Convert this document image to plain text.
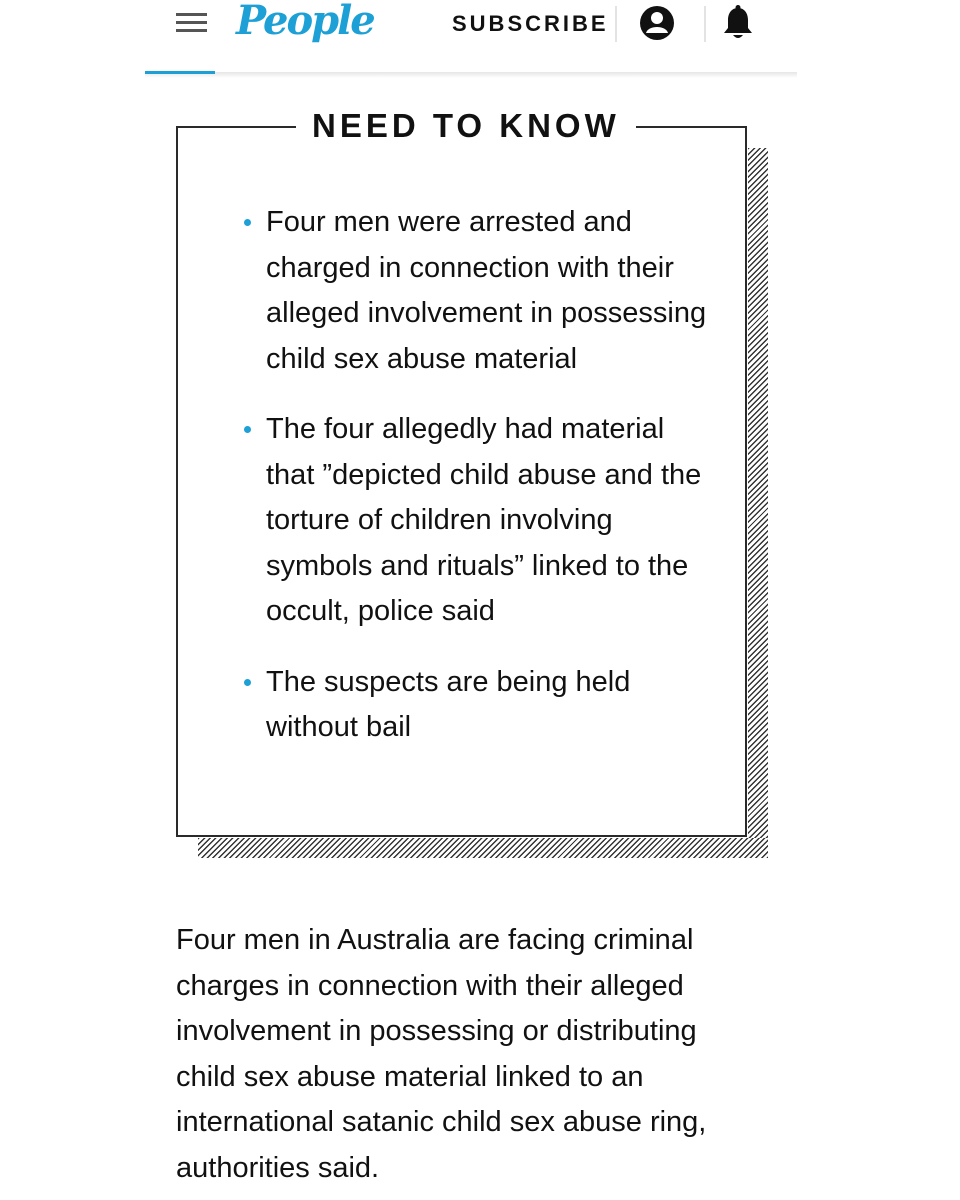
People	SUBSCRIBE
NEED TO KNOW
Four men were arrested and charged in connection with their alleged involvement in possessing child sex abuse material
The four allegedly had material that ”depicted child abuse and the torture of children involving symbols and rituals” linked to the occult, police said
The suspects are being held without bail

Four men in Australia are facing criminal charges in connection with their alleged involvement in possessing or distributing child sex abuse material linked to an international satanic child sex abuse ring, authorities said.
